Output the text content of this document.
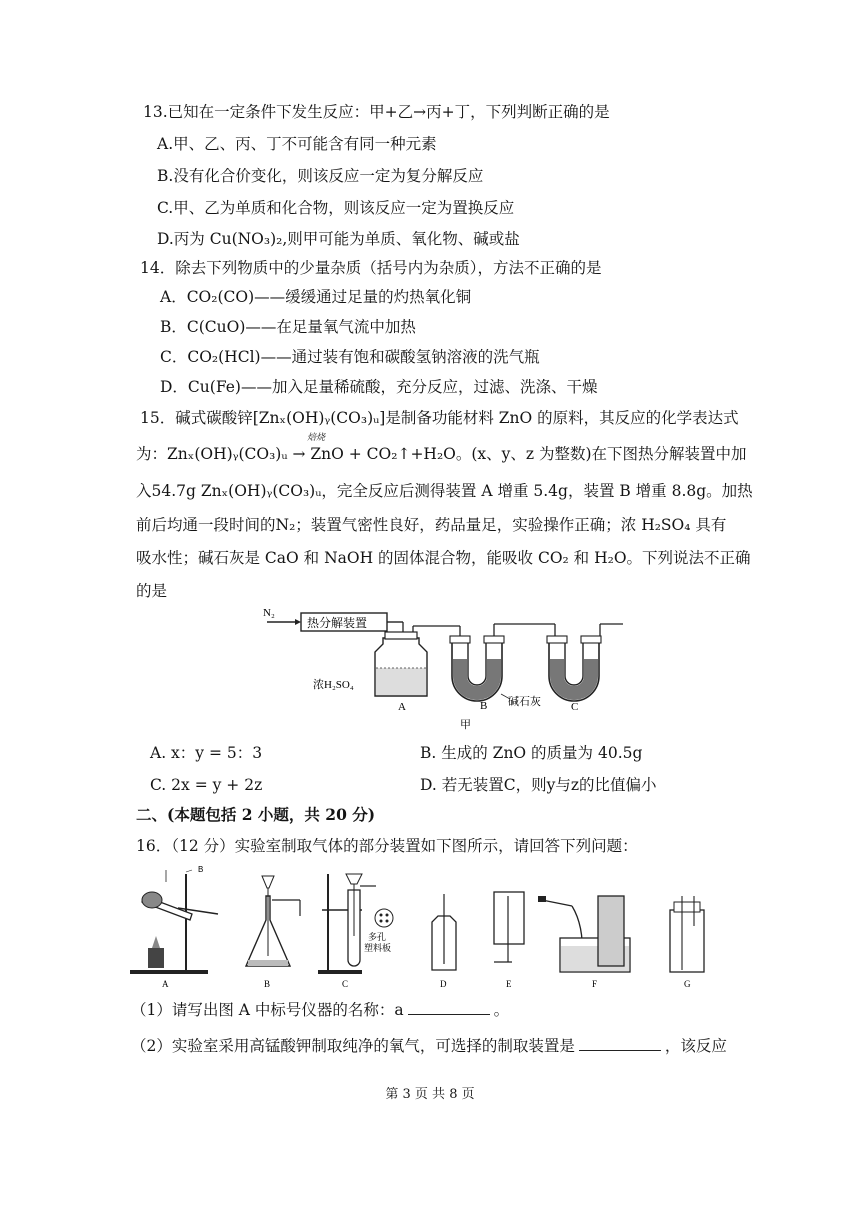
13.已知在一定条件下发生反应：甲+乙→丙+丁，下列判断正确的是
A.甲、乙、丙、丁不可能含有同一种元素
B.没有化合价变化，则该反应一定为复分解反应
C.甲、乙为单质和化合物，则该反应一定为置换反应
D.丙为 Cu(NO₃)₂,则甲可能为单质、氧化物、碱或盐
14．除去下列物质中的少量杂质（括号内为杂质），方法不正确的是
A．CO₂(CO)——缓缓通过足量的灼热氧化铜
B．C(CuO)——在足量氧气流中加热
C．CO₂(HCl)——通过装有饱和碳酸氢钠溶液的洗气瓶
D．Cu(Fe)——加入足量稀硫酸，充分反应，过滤、洗涤、干燥
15．碱式碳酸锌[Znₓ(OH)ᵧ(CO₃)ᵤ]是制备功能材料 ZnO 的原料，其反应的化学表达式
为：Znₓ(OH)ᵧ(CO₃)ᵤ → ZnO + CO₂↑+H₂O。(x、y、z 为整数)在下图热分解装置中加
焙烧
入54.7g Znₓ(OH)ᵧ(CO₃)ᵤ，完全反应后测得装置 A 增重 5.4g，装置 B 增重 8.8g。加热
前后均通一段时间的N₂；装置气密性良好，药品量足，实验操作正确；浓 H₂SO₄ 具有
吸水性；碱石灰是 CaO 和 NaOH 的固体混合物，能吸收 CO₂ 和 H₂O。下列说法不正确
的是
N₂
热分解装置
浓H₂SO₄
A	B 碱石灰	C
甲
A. x：y = 5：3	B. 生成的 ZnO 的质量为 40.5g
C. 2x = y + 2z	D. 若无装置C，则y与z的比值偏小
二、(本题包括 2 小题，共 20 分)
16．（12 分）实验室制取气体的部分装置如下图所示，请回答下列问题：
B
多孔
塑料板
A	B	C	D	E	F	G
（1）请写出图 A 中标号仪器的名称：a	。
（2）实验室采用高锰酸钾制取纯净的氧气，可选择的制取装置是	，该反应
第 3 页 共 8 页
